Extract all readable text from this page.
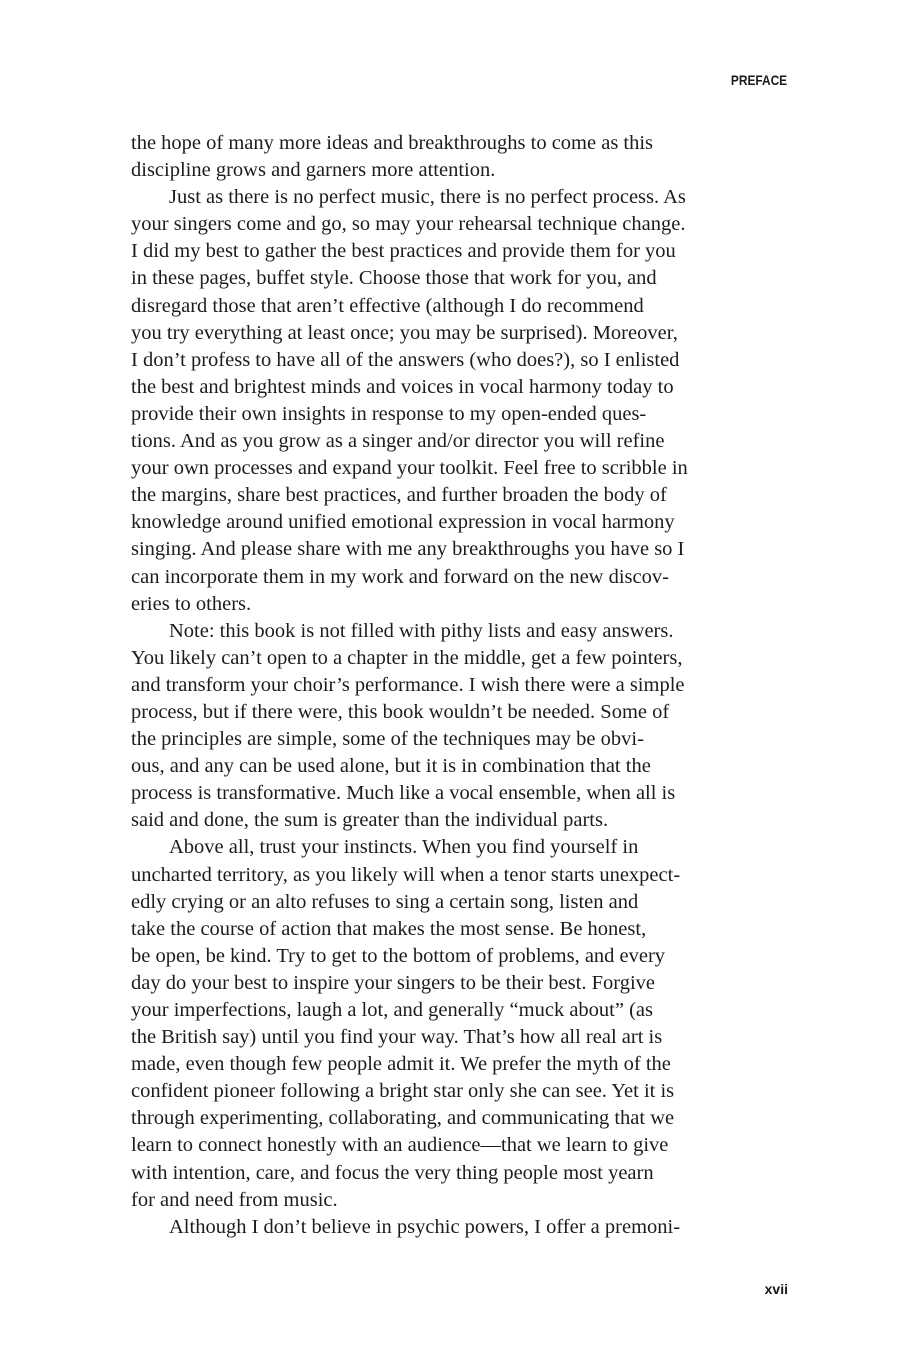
PREFACE

the hope of many more ideas and breakthroughs to come as this
discipline grows and garners more attention.

Just as there is no perfect music, there is no perfect process. As
your singers come and go, so may your rehearsal technique change.
I did my best to gather the best practices and provide them for you
in these pages, buffet style. Choose those that work for you, and
disregard those that aren’t effective (although I do recommend
you try everything at least once; you may be surprised). Moreover,
I don’t profess to have all of the answers (who does?), so I enlisted
the best and brightest minds and voices in vocal harmony today to
provide their own insights in response to my open-ended ques-
tions. And as you grow as a singer and/or director you will refine
your own processes and expand your toolkit. Feel free to scribble in
the margins, share best practices, and further broaden the body of
knowledge around unified emotional expression in vocal harmony
singing. And please share with me any breakthroughs you have so I
can incorporate them in my work and forward on the new discov-
eries to others.

Note: this book is not filled with pithy lists and easy answers.
You likely can’t open to a chapter in the middle, get a few pointers,
and transform your choir’s performance. I wish there were a simple
process, but if there were, this book wouldn’t be needed. Some of
the principles are simple, some of the techniques may be obvi-
ous, and any can be used alone, but it is in combination that the
process is transformative. Much like a vocal ensemble, when all is
said and done, the sum is greater than the individual parts.

Above all, trust your instincts. When you find yourself in
uncharted territory, as you likely will when a tenor starts unexpect-
edly crying or an alto refuses to sing a certain song, listen and
take the course of action that makes the most sense. Be honest,
be open, be kind. Try to get to the bottom of problems, and every
day do your best to inspire your singers to be their best. Forgive
your imperfections, laugh a lot, and generally “muck about” (as
the British say) until you find your way. That’s how all real art is
made, even though few people admit it. We prefer the myth of the
confident pioneer following a bright star only she can see. Yet it is
through experimenting, collaborating, and communicating that we
learn to connect honestly with an audience—that we learn to give
with intention, care, and focus the very thing people most yearn
for and need from music.

Although I don’t believe in psychic powers, I offer a premoni-

xvii
